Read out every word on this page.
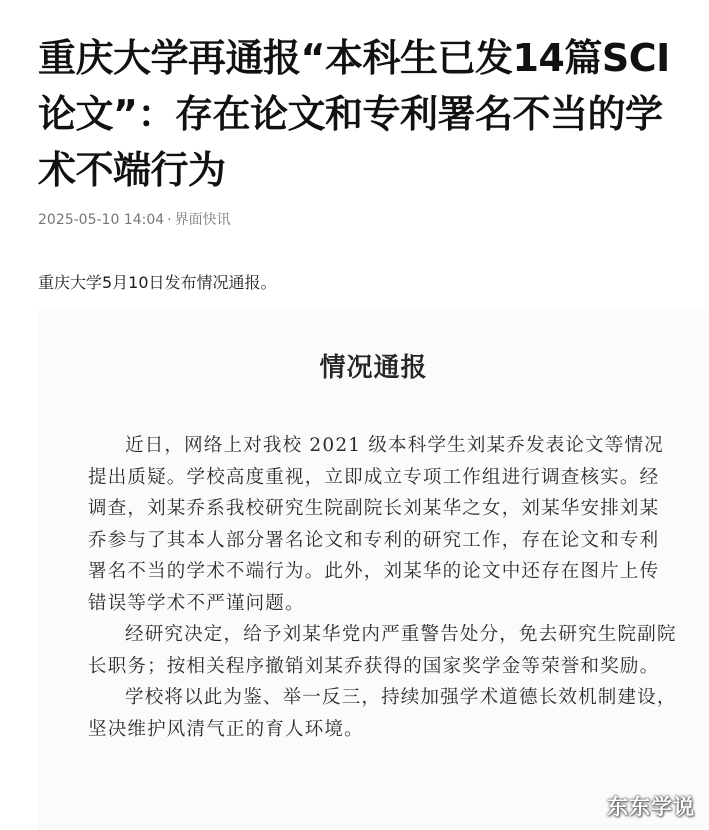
重庆大学再通报“本科生已发14篇SCI论文”：存在论文和专利署名不当的学术不端行为
2025-05-10 14:04 · 界面快讯
重庆大学5月10日发布情况通报。
情况通报

近日，网络上对我校 2021 级本科学生刘某乔发表论文等情况提出质疑。学校高度重视，立即成立专项工作组进行调查核实。经调查，刘某乔系我校研究生院副院长刘某华之女，刘某华安排刘某乔参与了其本人部分署名论文和专利的研究工作，存在论文和专利署名不当的学术不端行为。此外，刘某华的论文中还存在图片上传错误等学术不严谨问题。

经研究决定，给予刘某华党内严重警告处分，免去研究生院副院长职务；按相关程序撤销刘某乔获得的国家奖学金等荣誉和奖励。

学校将以此为鉴、举一反三，持续加强学术道德长效机制建设，坚决维护风清气正的育人环境。

东东学说
